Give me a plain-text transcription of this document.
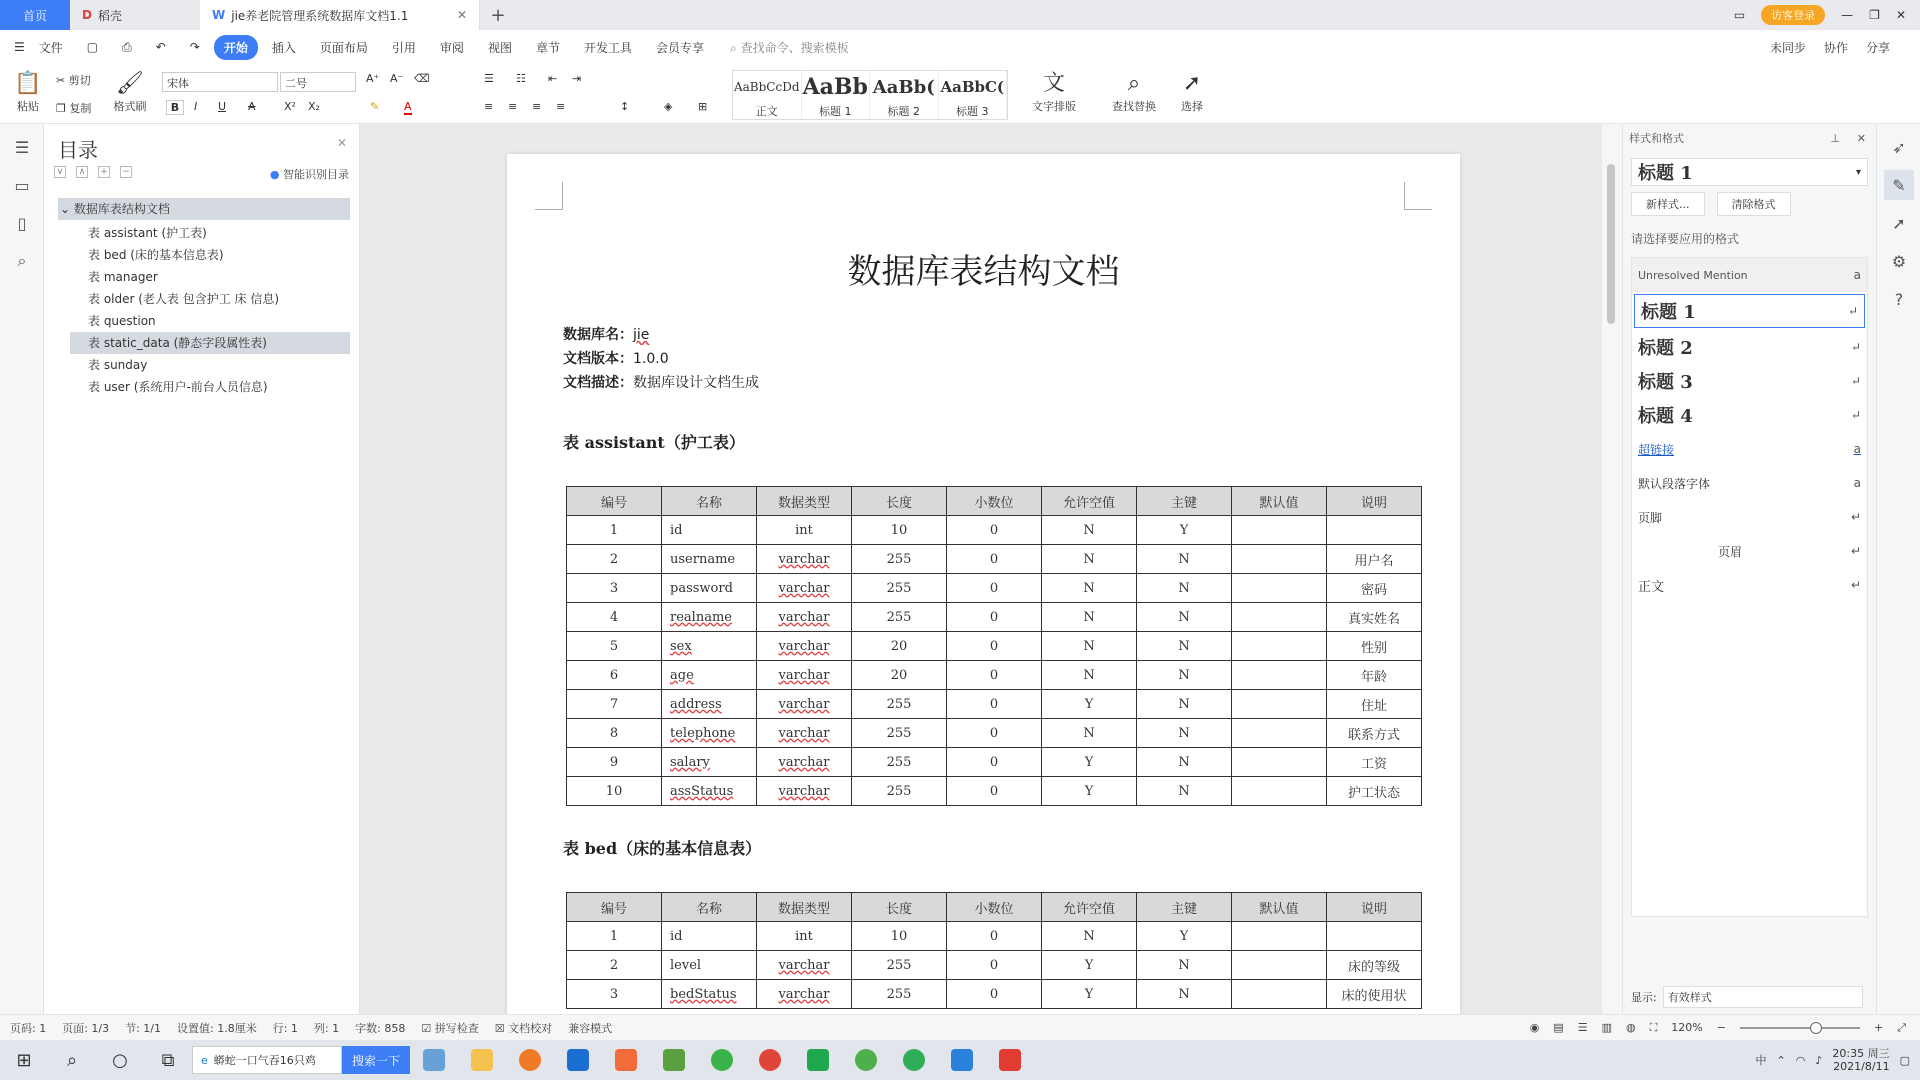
首页	D 稻壳	W jie养老院管理系统数据库文档1.1	✕	+	▭	访客登录	— ❐ ✕
☰	文件	▢	⎙	↶	↷	开始	插入	页面布局	引用	审阅	视图	章节	开发工具	会员专享	⌕ 查找命令、搜索模板	未同步 协作 分享
📋
粘贴
✂ 剪切
❐ 复制
🖌
格式刷
宋体	二号	A⁺ A⁻ ⌫
B	I U A	X² X₂	✎ A
☰ ☷ ⇤ ⇥
≡ ≡ ≡ ≡	↕	◈ ⊞
AaBbCcDd
正文
AaBb
标题 1
AaBb(
标题 2
AaBbC(
标题 3
文
文字排版
⌕
查找替换
➚
选择
☰
▭
▯
⌕
目录	✕
∨	∧	+ −	● 智能识别目录
⌄ 数据库表结构文档
表 assistant (护工表)
表 bed (床的基本信息表)
表 manager
表 older (老人表 包含护工 床 信息)
表 question
表 static_data (静态字段属性表)
表 sunday
表 user (系统用户-前台人员信息)
数据库表结构文档
数据库名：jie
文档版本：1.0.0
文档描述：数据库设计文档生成
表 assistant（护工表）
编号	名称	数据类型	长度	小数位	允许空值	主键	默认值	说明
1	id	int	10	0	N	Y		
2	username	varchar	255	0	N	N		用户名
3	password	varchar	255	0	N	N		密码
4	realname	varchar	255	0	N	N		真实姓名
5	sex	varchar	20	0	N	N		性别
6	age	varchar	20	0	N	N		年龄
7	address	varchar	255	0	Y	N		住址
8	telephone	varchar	255	0	N	N		联系方式
9	salary	varchar	255	0	Y	N		工资
10	assStatus	varchar	255	0	Y	N		护工状态
表 bed（床的基本信息表）
编号	名称	数据类型	长度	小数位	允许空值	主键	默认值	说明
1	id	int	10	0	N	Y		
2	level	varchar	255	0	Y	N		床的等级
3	bedStatus	varchar	255	0	Y	N		床的使用状
样式和格式	⊥ ✕
标题 1	▾
新样式...	清除格式
请选择要应用的格式
Unresolved Mention	a
标题 1	↵
标题 2	↵
标题 3	↵
标题 4	↵
超链接	a
默认段落字体	a
页脚	↵
页眉	↵
正文	↵
显示:	有效样式
➶
✎
➚
⚙
?
页码: 1 页面: 1/3 节: 1/1 设置值: 1.8厘米 行: 1 列: 1 字数: 858 ☑ 拼写检查 ☒ 文档校对 兼容模式	◉ ▤ ☰ ▥ ◍ ⛶ 120% −	+ ⤢
⊞	⌕	○	⧉	e 蟒蛇一口气吞16只鸡	搜索一下	中 ⌃ ◠ ♪ 20:35 周三
2021/8/11 ▢
